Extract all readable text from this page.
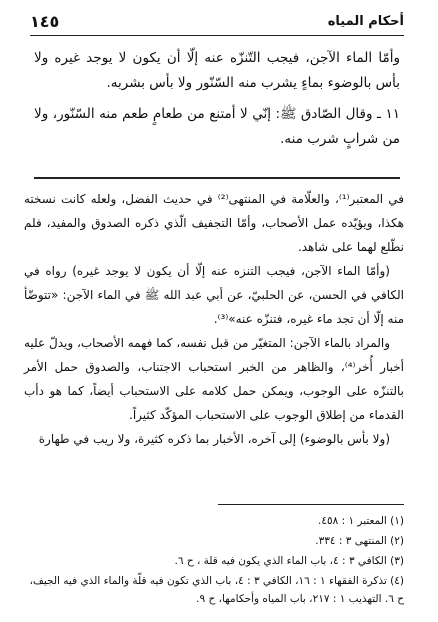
أحكام المياه
١٤٥

وأمّا الماء الآجن، فيجب التّنزّه عنه إلّا أن يكون لا يوجد غيره ولا بأس بالوضوء بماءٍ يشرب منه السّنّور ولا بأس بشربه.

١١ ـ وقال الصّادق ﷺ: إنّي لا أمتنع من طعامٍ طعم منه السّنّور، ولا من شرابٍ شرب منه.

في المعتبر⁽¹⁾، والعلّامة في المنتهى⁽²⁾ في حديث الفضل، ولعله كانت نسخته هكذا، ويؤيّده عمل الأصحاب، وأمّا التجفيف الّذي ذكره الصدوق والمفيد، فلم نطّلع لهما على شاهد.

(وأمّا الماء الآجن، فيجب التنزه عنه إلّا أن يكون لا يوجد غيره) رواه في الكافي في الحسن، عن الحلبيّ، عن أبي عبد الله ﷺ في الماء الآجن: «تتوضّأ منه إلّا أن تجد ماء غيره، فتنزّه عنه»⁽³⁾.

والمراد بالماء الآجن: المتغيّر من قبل نفسه، كما فهمه الأصحاب، ويدلّ عليه أخبار أُخر⁽⁴⁾، والظاهر من الخبر استحباب الاجتناب، والصدوق حمل الأمر بالتنزّه على الوجوب، ويمكن حمل كلامه على الاستحباب أيضاً، كما هو دأب القدماء من إطلاق الوجوب على الاستحباب المؤكّد كثيراً.

(ولا بأس بالوضوء) إلى آخره، الأخبار بما ذكره كثيرة، ولا ريب في طهارة

(١) المعتبر ١ : ٤٥٨.

(٢) المنتهى ٣ : ٣٣٤.

(٣) الكافي ٣ : ٤، باب الماء الذي يكون فيه قلة ، ح ٦.

(٤) تذكرة الفقهاء ١ : ١٦، الكافي ٣ : ٤، باب الذي تكون فيه قلّة والماء الذي فيه الجيف، ح ٦. التهذيب ١ : ٢١٧، باب المياه وأحكامها، ح ٩.
